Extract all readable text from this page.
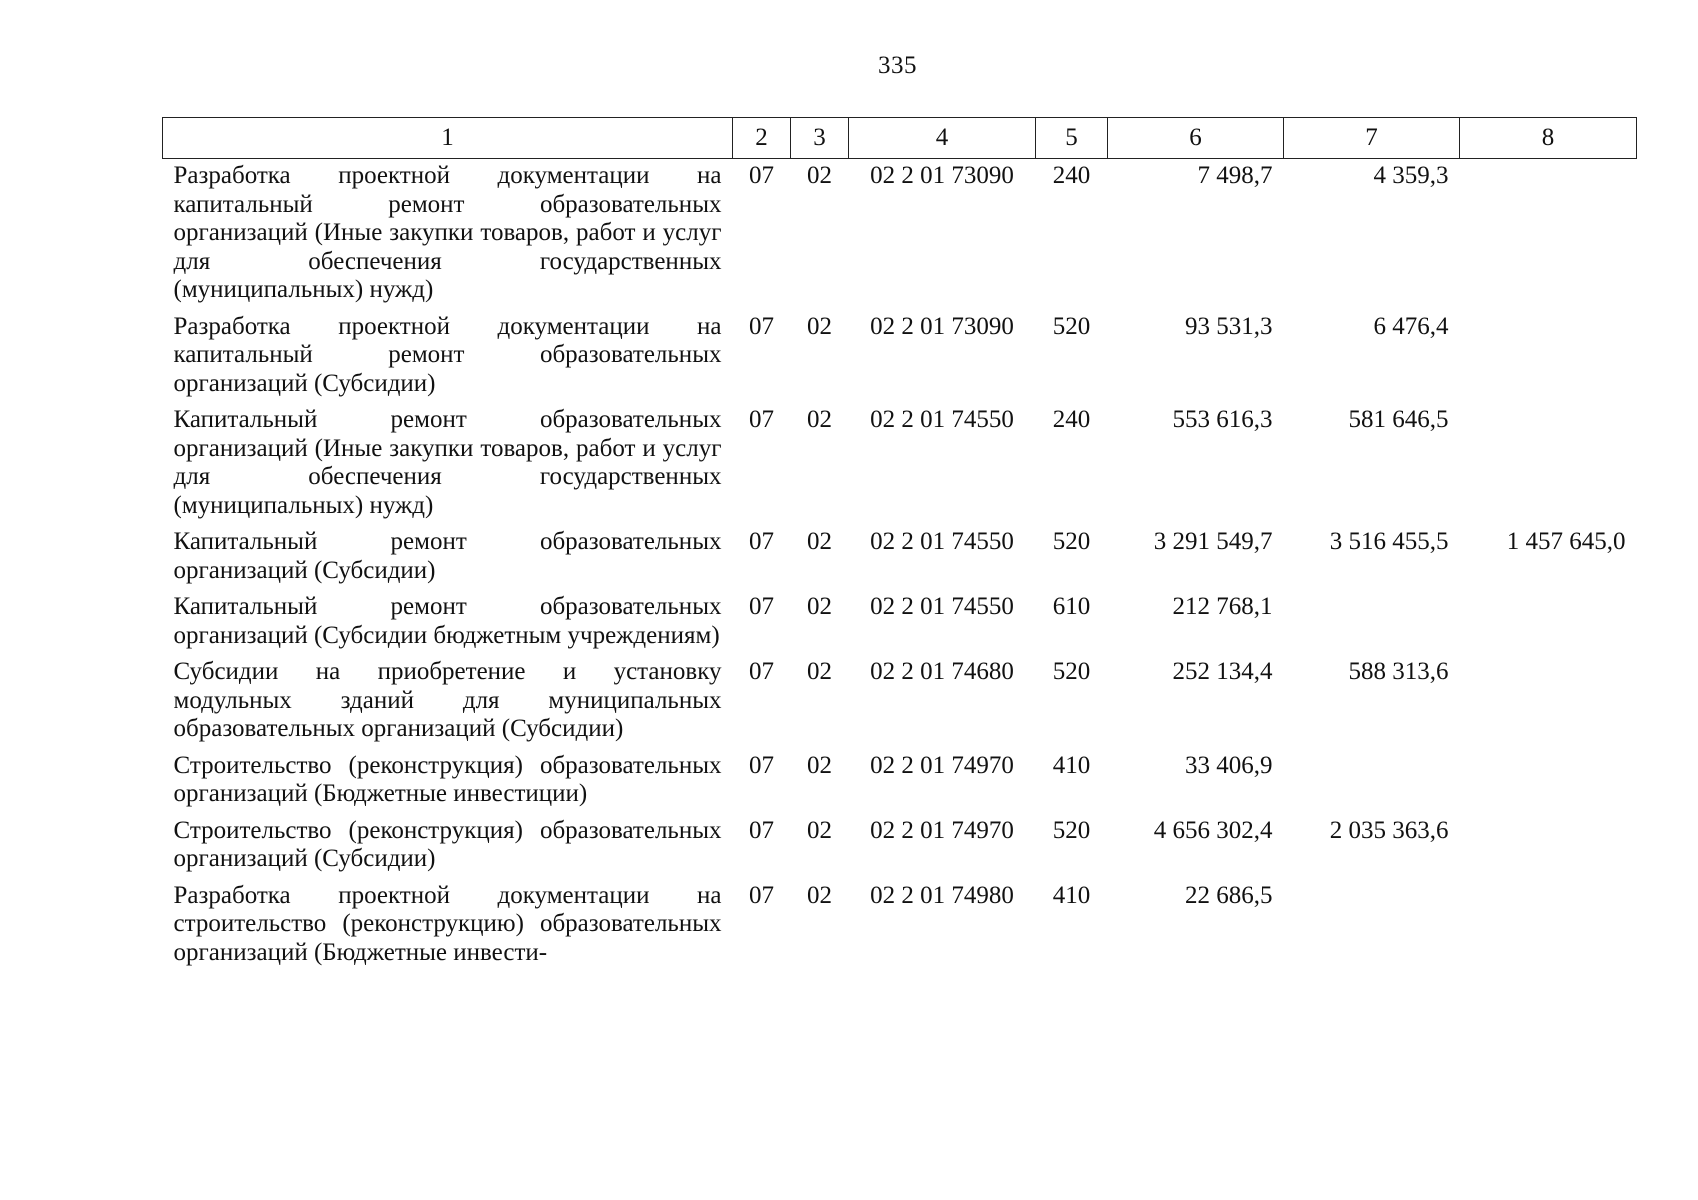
335
1	2	3	4	5	6	7	8
Разработка проектной документации на капитальный ремонт образовательных организаций (Иные закупки товаров, работ и услуг для обеспечения государственных (муниципальных) нужд)	07	02	02 2 01 73090	240	7 498,7	4 359,3	
Разработка проектной документации на капитальный ремонт образовательных организаций (Субсидии)	07	02	02 2 01 73090	520	93 531,3	6 476,4	
Капитальный ремонт образовательных организаций (Иные закупки товаров, работ и услуг для обеспечения государственных (муниципальных) нужд)	07	02	02 2 01 74550	240	553 616,3	581 646,5	
Капитальный ремонт образовательных организаций (Субсидии)	07	02	02 2 01 74550	520	3 291 549,7	3 516 455,5	1 457 645,0
Капитальный ремонт образовательных организаций (Субсидии бюджетным учреждениям)	07	02	02 2 01 74550	610	212 768,1		
Субсидии на приобретение и установку модульных зданий для муниципальных образовательных организаций (Субсидии)	07	02	02 2 01 74680	520	252 134,4	588 313,6	
Строительство (реконструкция) образовательных организаций (Бюджетные инвестиции)	07	02	02 2 01 74970	410	33 406,9		
Строительство (реконструкция) образовательных организаций (Субсидии)	07	02	02 2 01 74970	520	4 656 302,4	2 035 363,6	
Разработка проектной документации на строительство (реконструкцию) образовательных организаций (Бюджетные инвести-	07	02	02 2 01 74980	410	22 686,5		
